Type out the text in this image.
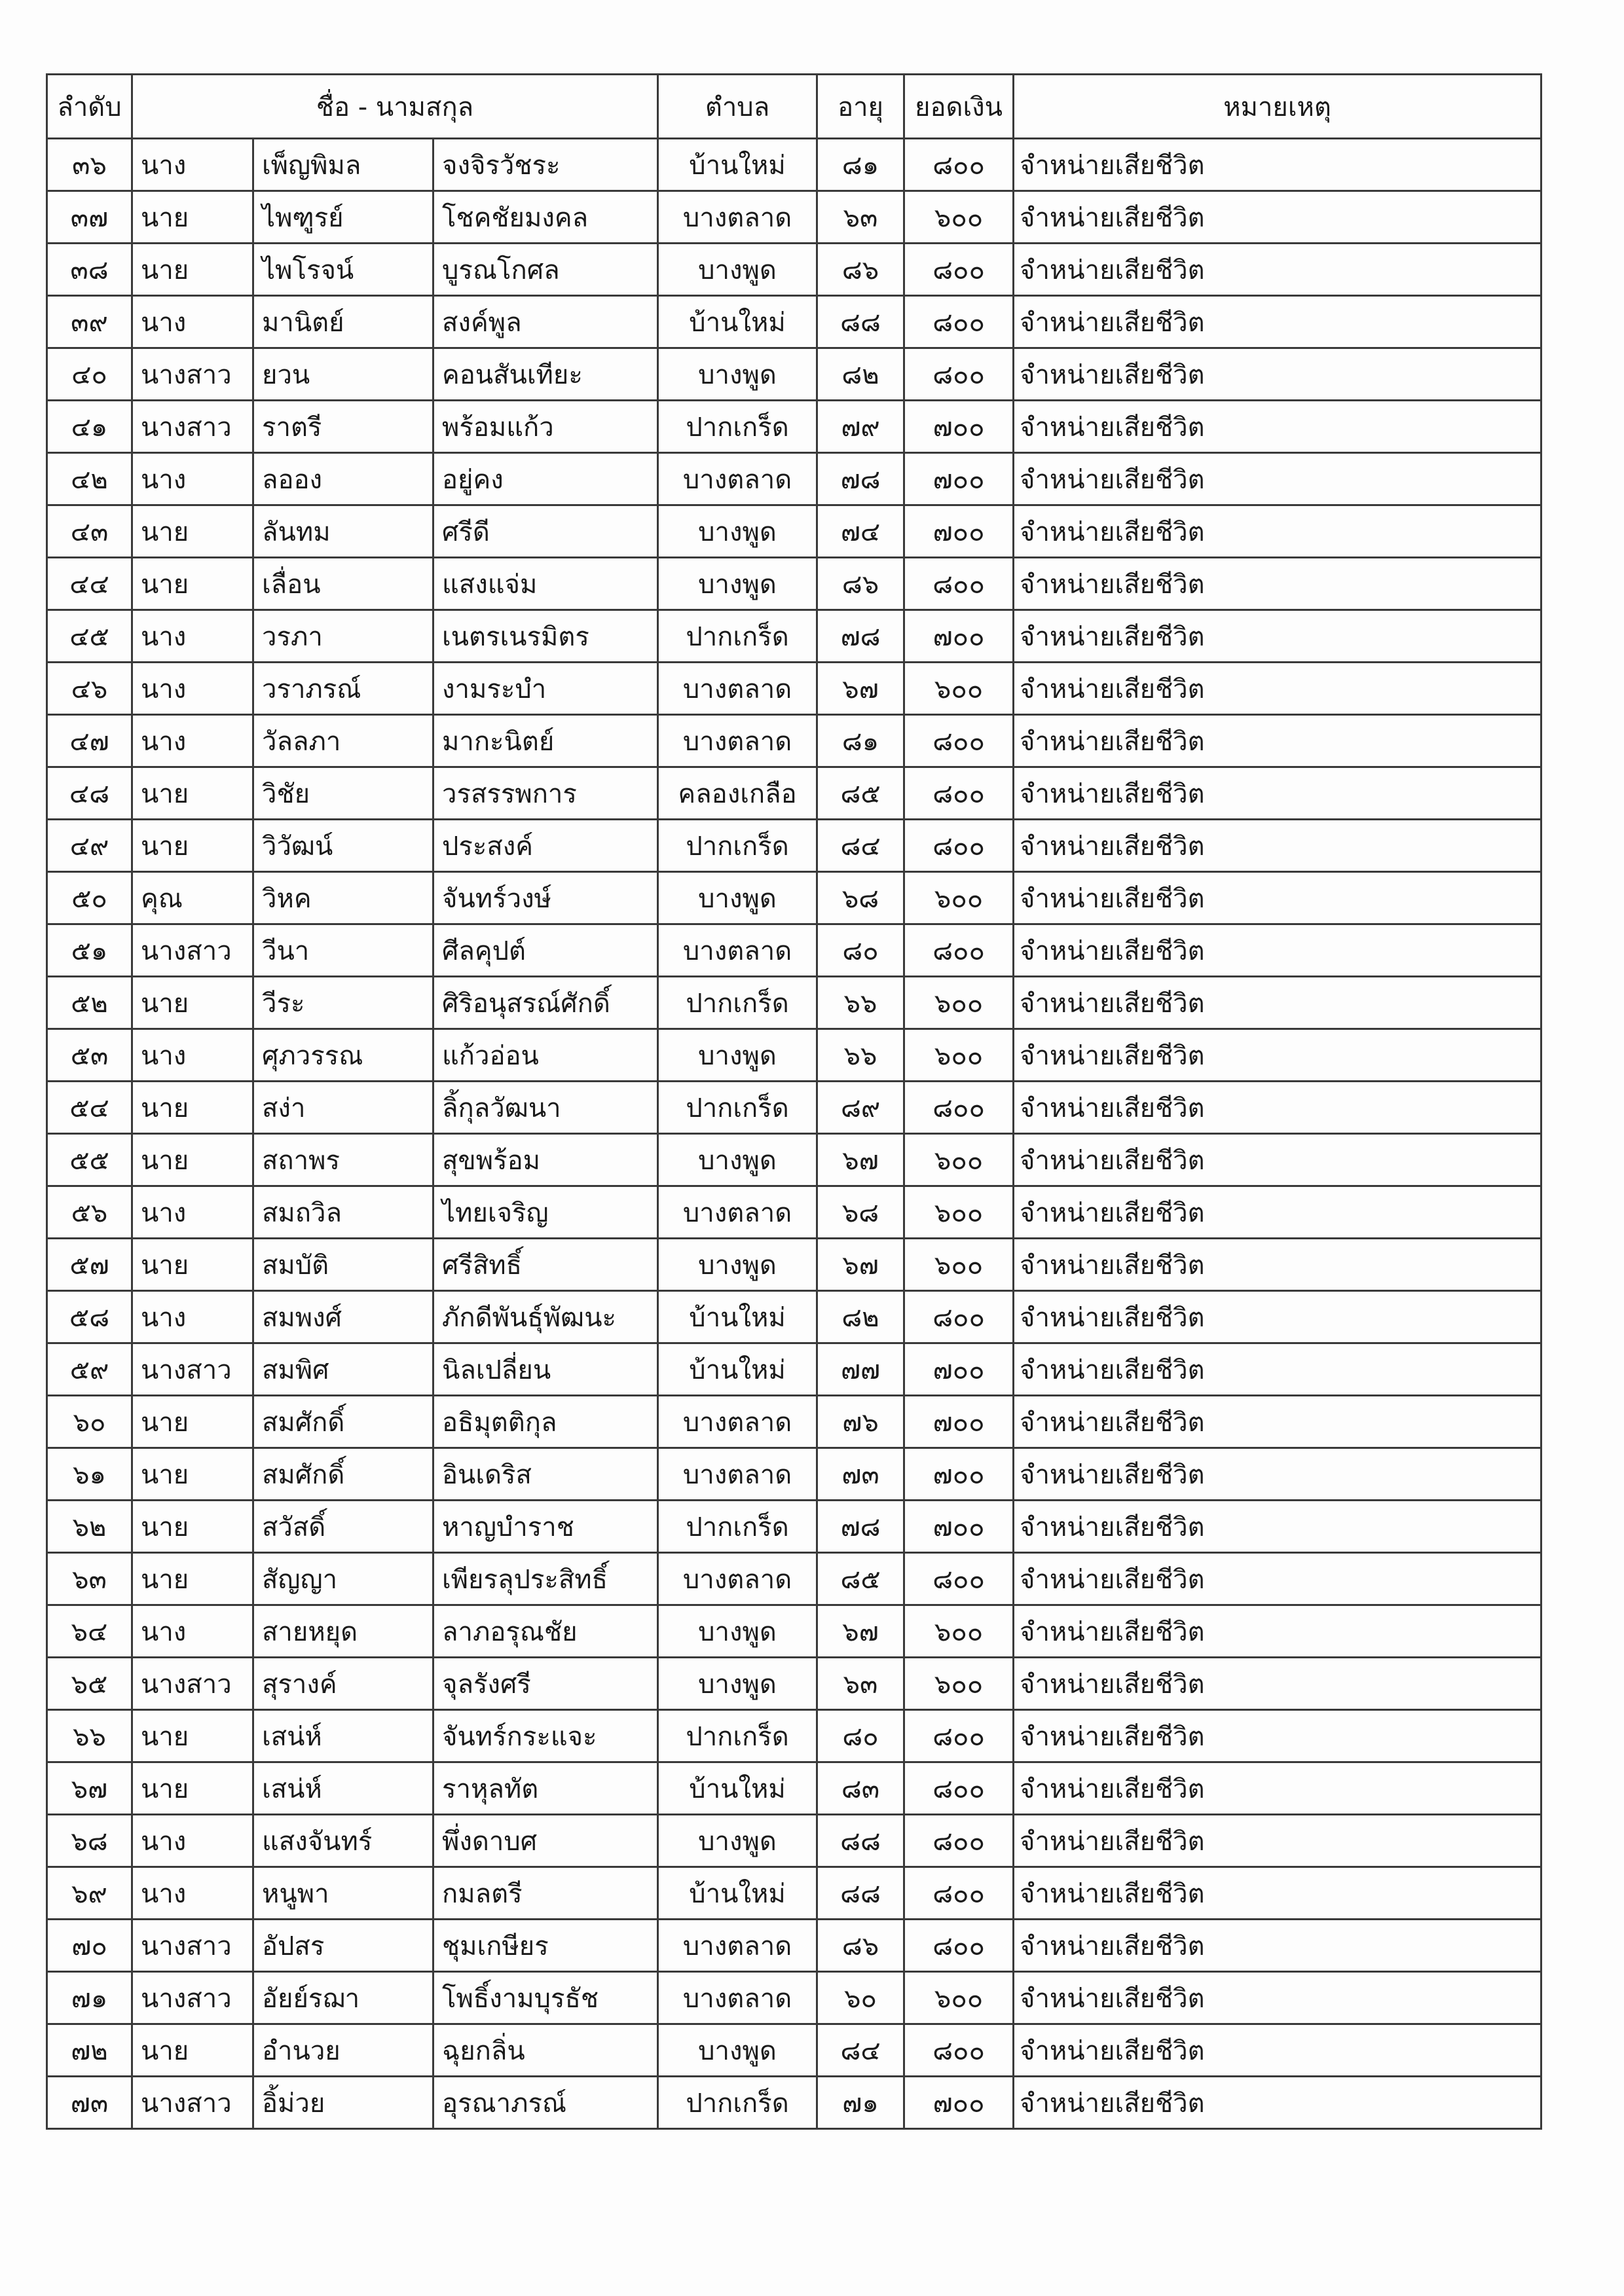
ลำดับ	ชื่อ - นามสกุล			ตำบล	อายุ	ยอดเงิน	หมายเหตุ
๓๖	นาง	เพ็ญพิมล	จงจิรวัชระ	บ้านใหม่	๘๑	๘๐๐	จำหน่ายเสียชีวิต
๓๗	นาย	ไพฑูรย์	โชคชัยมงคล	บางตลาด	๖๓	๖๐๐	จำหน่ายเสียชีวิต
๓๘	นาย	ไพโรจน์	บูรณโกศล	บางพูด	๘๖	๘๐๐	จำหน่ายเสียชีวิต
๓๙	นาง	มานิตย์	สงค์พูล	บ้านใหม่	๘๘	๘๐๐	จำหน่ายเสียชีวิต
๔๐	นางสาว	ยวน	คอนสันเทียะ	บางพูด	๘๒	๘๐๐	จำหน่ายเสียชีวิต
๔๑	นางสาว	ราตรี	พร้อมแก้ว	ปากเกร็ด	๗๙	๗๐๐	จำหน่ายเสียชีวิต
๔๒	นาง	ลออง	อยู่คง	บางตลาด	๗๘	๗๐๐	จำหน่ายเสียชีวิต
๔๓	นาย	ลันทม	ศรีดี	บางพูด	๗๔	๗๐๐	จำหน่ายเสียชีวิต
๔๔	นาย	เลื่อน	แสงแจ่ม	บางพูด	๘๖	๘๐๐	จำหน่ายเสียชีวิต
๔๕	นาง	วรภา	เนตรเนรมิตร	ปากเกร็ด	๗๘	๗๐๐	จำหน่ายเสียชีวิต
๔๖	นาง	วราภรณ์	งามระบำ	บางตลาด	๖๗	๖๐๐	จำหน่ายเสียชีวิต
๔๗	นาง	วัลลภา	มากะนิตย์	บางตลาด	๘๑	๘๐๐	จำหน่ายเสียชีวิต
๔๘	นาย	วิชัย	วรสรรพการ	คลองเกลือ	๘๕	๘๐๐	จำหน่ายเสียชีวิต
๔๙	นาย	วิวัฒน์	ประสงค์	ปากเกร็ด	๘๔	๘๐๐	จำหน่ายเสียชีวิต
๕๐	คุณ	วิหค	จันทร์วงษ์	บางพูด	๖๘	๖๐๐	จำหน่ายเสียชีวิต
๕๑	นางสาว	วีนา	ศีลคุปต์	บางตลาด	๘๐	๘๐๐	จำหน่ายเสียชีวิต
๕๒	นาย	วีระ	ศิริอนุสรณ์ศักดิ์	ปากเกร็ด	๖๖	๖๐๐	จำหน่ายเสียชีวิต
๕๓	นาง	ศุภวรรณ	แก้วอ่อน	บางพูด	๖๖	๖๐๐	จำหน่ายเสียชีวิต
๕๔	นาย	สง่า	ลิ้กุลวัฒนา	ปากเกร็ด	๘๙	๘๐๐	จำหน่ายเสียชีวิต
๕๕	นาย	สถาพร	สุขพร้อม	บางพูด	๖๗	๖๐๐	จำหน่ายเสียชีวิต
๕๖	นาง	สมถวิล	ไทยเจริญ	บางตลาด	๖๘	๖๐๐	จำหน่ายเสียชีวิต
๕๗	นาย	สมบัติ	ศรีสิทธิ์	บางพูด	๖๗	๖๐๐	จำหน่ายเสียชีวิต
๕๘	นาง	สมพงศ์	ภักดีพันธุ์พัฒนะ	บ้านใหม่	๘๒	๘๐๐	จำหน่ายเสียชีวิต
๕๙	นางสาว	สมพิศ	นิลเปลี่ยน	บ้านใหม่	๗๗	๗๐๐	จำหน่ายเสียชีวิต
๖๐	นาย	สมศักดิ์	อธิมุตติกุล	บางตลาด	๗๖	๗๐๐	จำหน่ายเสียชีวิต
๖๑	นาย	สมศักดิ์	อินเดริส	บางตลาด	๗๓	๗๐๐	จำหน่ายเสียชีวิต
๖๒	นาย	สวัสดิ์	หาญบำราช	ปากเกร็ด	๗๘	๗๐๐	จำหน่ายเสียชีวิต
๖๓	นาย	สัญญา	เพียรลุประสิทธิ์	บางตลาด	๘๕	๘๐๐	จำหน่ายเสียชีวิต
๖๔	นาง	สายหยุด	ลาภอรุณชัย	บางพูด	๖๗	๖๐๐	จำหน่ายเสียชีวิต
๖๕	นางสาว	สุรางค์	จุลรังศรี	บางพูด	๖๓	๖๐๐	จำหน่ายเสียชีวิต
๖๖	นาย	เสน่ห์	จันทร์กระแจะ	ปากเกร็ด	๘๐	๘๐๐	จำหน่ายเสียชีวิต
๖๗	นาย	เสน่ห์	ราหุลทัต	บ้านใหม่	๘๓	๘๐๐	จำหน่ายเสียชีวิต
๖๘	นาง	แสงจันทร์	พึ่งดาบศ	บางพูด	๘๘	๘๐๐	จำหน่ายเสียชีวิต
๖๙	นาง	หนูพา	กมลตรี	บ้านใหม่	๘๘	๘๐๐	จำหน่ายเสียชีวิต
๗๐	นางสาว	อัปสร	ชุมเกษียร	บางตลาด	๘๖	๘๐๐	จำหน่ายเสียชีวิต
๗๑	นางสาว	อัยย์รฌา	โพธิ์งามบุรธัช	บางตลาด	๖๐	๖๐๐	จำหน่ายเสียชีวิต
๗๒	นาย	อำนวย	ฉุยกลิ่น	บางพูด	๘๔	๘๐๐	จำหน่ายเสียชีวิต
๗๓	นางสาว	อิ้ม่วย	อุรณาภรณ์	ปากเกร็ด	๗๑	๗๐๐	จำหน่ายเสียชีวิต
